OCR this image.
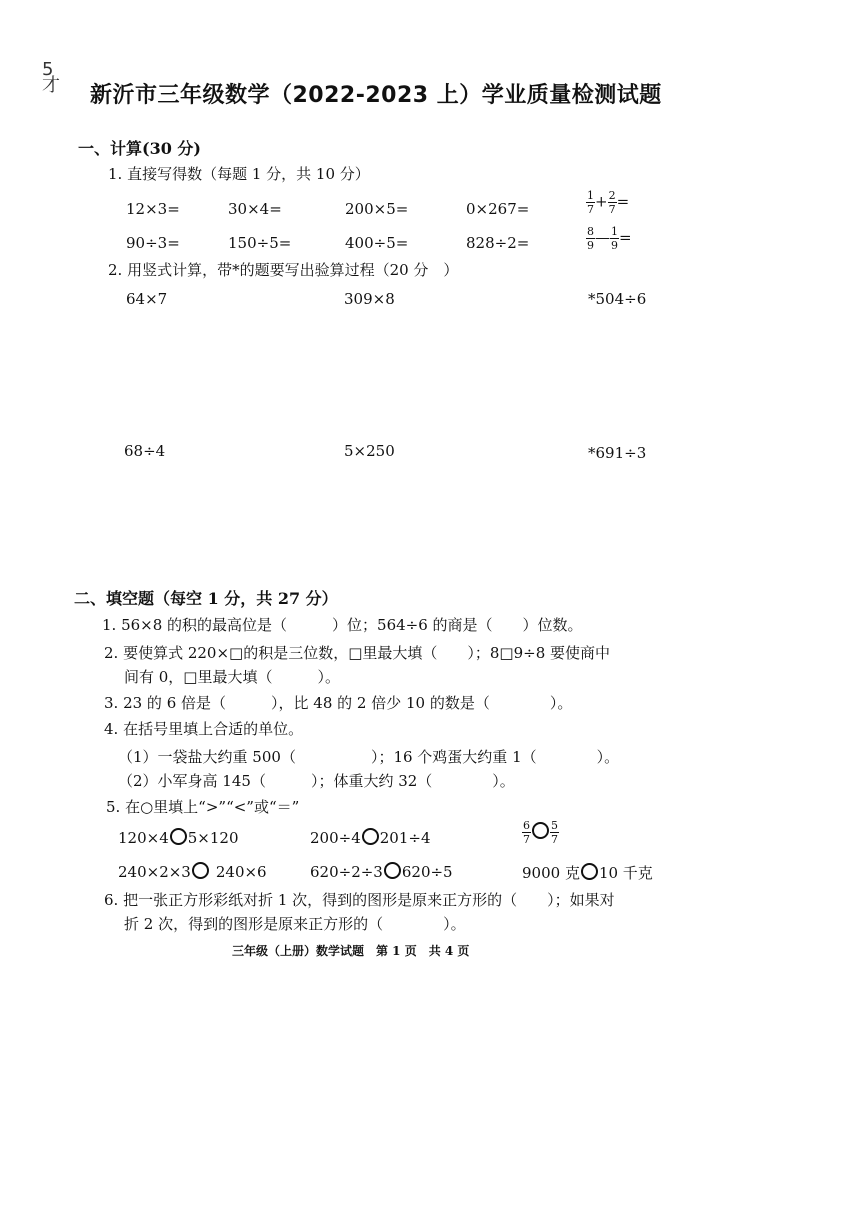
5
才 新沂市三年级数学（2022-2023 上）学业质量检测试题
一、计算(30 分)
1. 直接写得数（每题 1 分，共 10 分）
12×3=	30×4=	200×5=	0×267=	$\frac{1}{7} + \frac{2}{7}$ =
90÷3=	150÷5=	400÷5=	828÷2=	$\frac{8}{9}$ — $\frac{1}{9}$ =
2. 用竖式计算，带*的题要写出验算过程（20 分　）
64×7	309×8	*504÷6
68÷4	5×250	*691÷3
二、填空题（每空 1 分，共 27 分）
1. 56×8 的积的最高位是（　　　）位；564÷6 的商是（　　）位数。
2. 要使算式 220×□的积是三位数，□里最大填（　　）；8□9÷8 要使商中
间有 0，□里最大填（　　　）。
3. 23 的 6 倍是（　　　），比 48 的 2 倍少 10 的数是（　　　　）。
4. 在括号里填上合适的单位。
（1）一袋盐大约重 500（　　　　　）；16 个鸡蛋大约重 1（　　　　）。
（2）小军身高 145（　　　）；体重大约 32（　　　　）。
5. 在○里填上“>”“<”或“＝”
120×4 5×120	200÷4 201÷4	$\frac{6}{7} \frac{5}{7}$
240×2×3 240×6	620÷2÷3 620÷5	9000 克 10 千克
6. 把一张正方形彩纸对折 1 次，得到的图形是原来正方形的（　　）；如果对
折 2 次，得到的图形是原来正方形的（　　　　）。
三年级（上册）数学试题　第 1 页　共 4 页
